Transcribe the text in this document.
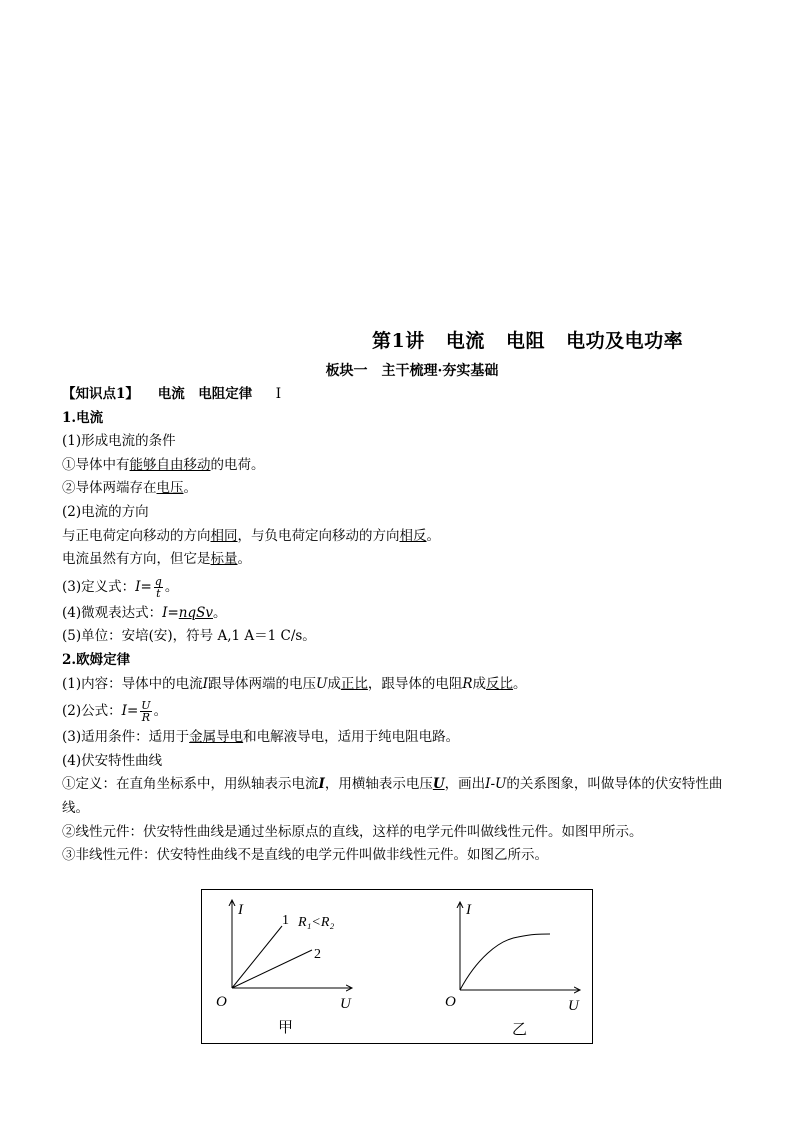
第1讲 电流 电阻 电功及电功率
板块一　主干梳理·夯实基础
【知识点1】 电流　电阻定律 Ⅰ
1.电流
(1)形成电流的条件
①导体中有能够自由移动的电荷。
②导体两端存在电压。
(2)电流的方向
与正电荷定向移动的方向相同，与负电荷定向移动的方向相反。
电流虽然有方向，但它是标量。
(3)定义式：$I= \frac{q}{t}$ 。
(4)微观表达式：I=nqSv。
(5)单位：安培(安)，符号 A,1 A＝1 C/s。
2.欧姆定律
(1)内容：导体中的电流I跟导体两端的电压U成正比，跟导体的电阻R成反比。
(2)公式：$I= \frac{U}{R}$ 。
(3)适用条件：适用于金属导电和电解液导电，适用于纯电阻电路。
(4)伏安特性曲线
①定义：在直角坐标系中，用纵轴表示电流I，用横轴表示电压U，画出I-U的关系图象，叫做导体的伏安特性曲线。
②线性元件：伏安特性曲线是通过坐标原点的直线，这样的电学元件叫做线性元件。如图甲所示。
③非线性元件：伏安特性曲线不是直线的电学元件叫做非线性元件。如图乙所示。
I
U
O
1
2
R₁<R₂
甲
I
U
O
乙
